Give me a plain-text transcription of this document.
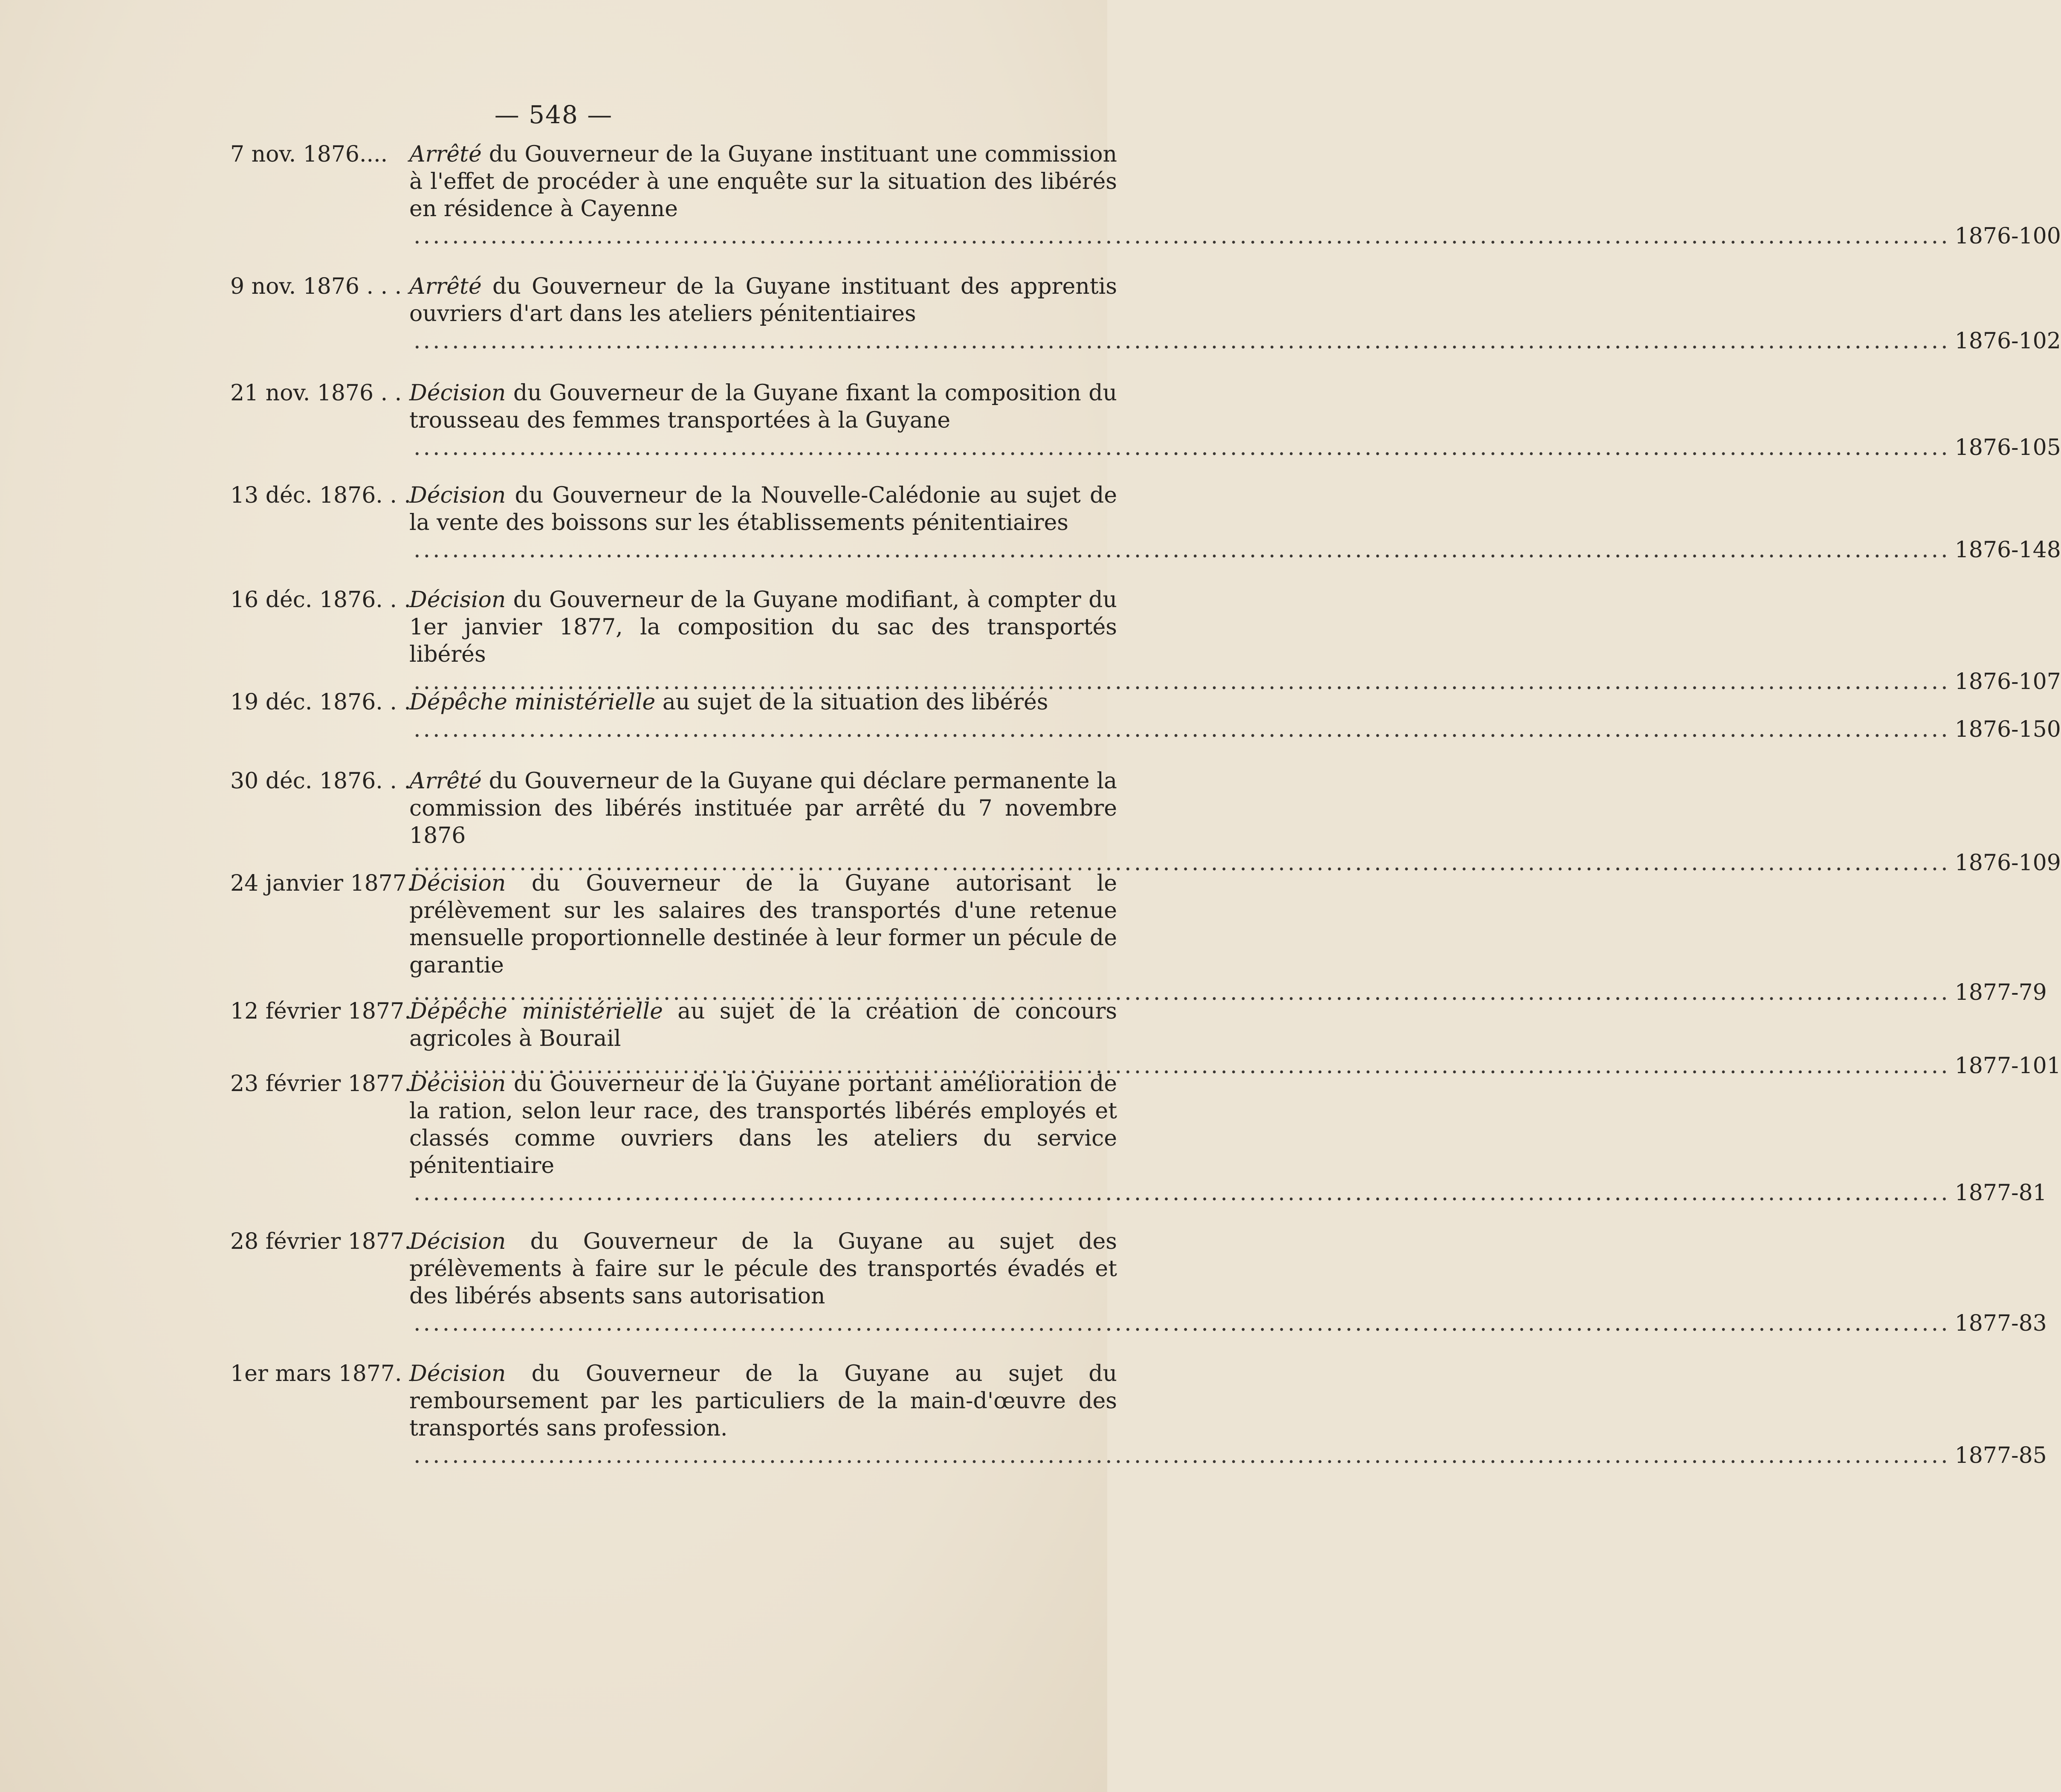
— 548 —
7 nov. 1876.... Arrêté du Gouverneur de la Guyane instituant une commission à l'effet de procéder à une enquête sur la situation des libérés en résidence à Cayenne
.....
1876-100
9 nov. 1876 . . . Arrêté du Gouverneur de la Guyane instituant des apprentis ouvriers d'art dans les ateliers pénitentiaires
.....
1876-102
21 nov. 1876 . . Décision du Gouverneur de la Guyane fixant la composition du trousseau des femmes transportées à la Guyane
.....
1876-105
13 déc. 1876. . .
Décision du Gouverneur de la Nouvelle-Calédonie au sujet de la vente des boissons sur les établissements pénitentiaires
.....
1876-148
16 déc. 1876. . .
Décision du Gouverneur de la Guyane modifiant, à compter du 1er janvier 1877, la composition du sac des transportés libérés
.....
1876-107
19 déc. 1876. . .
Dépêche ministérielle au sujet de la situation des libérés
.....
1876-150
30 déc. 1876. . .
Arrêté du Gouverneur de la Guyane qui déclare permanente la commission des libérés instituée par arrêté du 7 novembre 1876
.....
1876-109
24 janvier 1877.
Décision du Gouverneur de la Guyane autorisant le prélèvement sur les salaires des transportés d'une retenue mensuelle proportionnelle destinée à leur former un pécule de garantie
.....
1877-79
12 février 1877.
Dépêche ministérielle au sujet de la création de concours agricoles à Bourail
.....
1877-101
23 février 1877.
Décision du Gouverneur de la Guyane portant amélioration de la ration, selon leur race, des transportés libérés employés et classés comme ouvriers dans les ateliers du service pénitentiaire
.....
1877-81
28 février 1877.
Décision du Gouverneur de la Guyane au sujet des prélèvements à faire sur le pécule des transportés évadés et des libérés absents sans autorisation
.....
1877-83
1er mars 1877. .
Décision du Gouverneur de la Guyane au sujet du remboursement par les particuliers de la main-d'œuvre des transportés sans profession.
.....
1877-85
